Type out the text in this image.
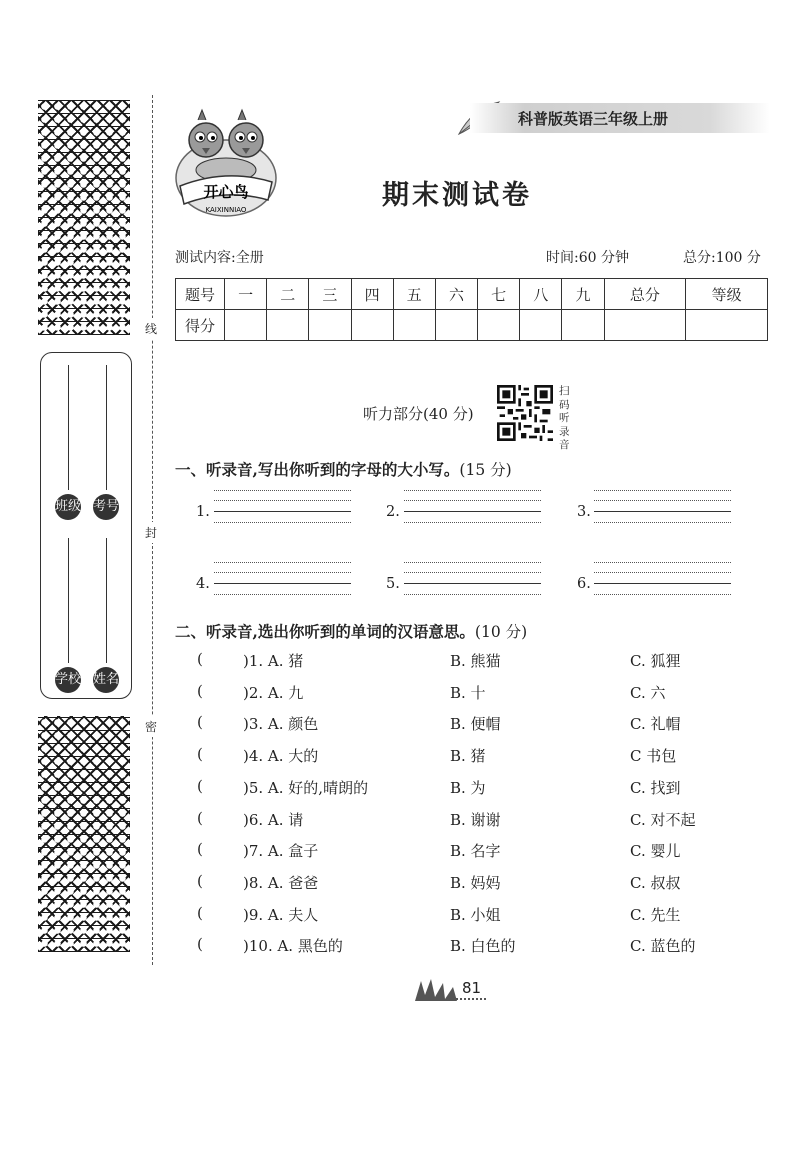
线
封
密
班级 考号
学校 姓名
开心鸟
KAIXINNIAO
科普版英语三年级上册
期末测试卷
测试内容:全册	时间:60 分钟	总分:100 分
题号	一	二	三	四	五	六	七	八	九	总分	等级
得分											
听力部分(40 分)
扫码听录音
一、听录音,写出你听到的字母的大小写。(15 分)
1.	2.	3.
4.	5.	6.
二、听录音,选出你听到的单词的汉语意思。(10 分)
(	)1. A. 猪	B. 熊猫	C. 狐狸
(	)2. A. 九	B. 十	C. 六
(	)3. A. 颜色	B. 便帽	C. 礼帽
(	)4. A. 大的	B. 猪	C 书包
(	)5. A. 好的,晴朗的	B. 为	C. 找到
(	)6. A. 请	B. 谢谢	C. 对不起
(	)7. A. 盒子	B. 名字	C. 婴儿
(	)8. A. 爸爸	B. 妈妈	C. 叔叔
(	)9. A. 夫人	B. 小姐	C. 先生
(	)10. A. 黑色的	B. 白色的	C. 蓝色的
81
